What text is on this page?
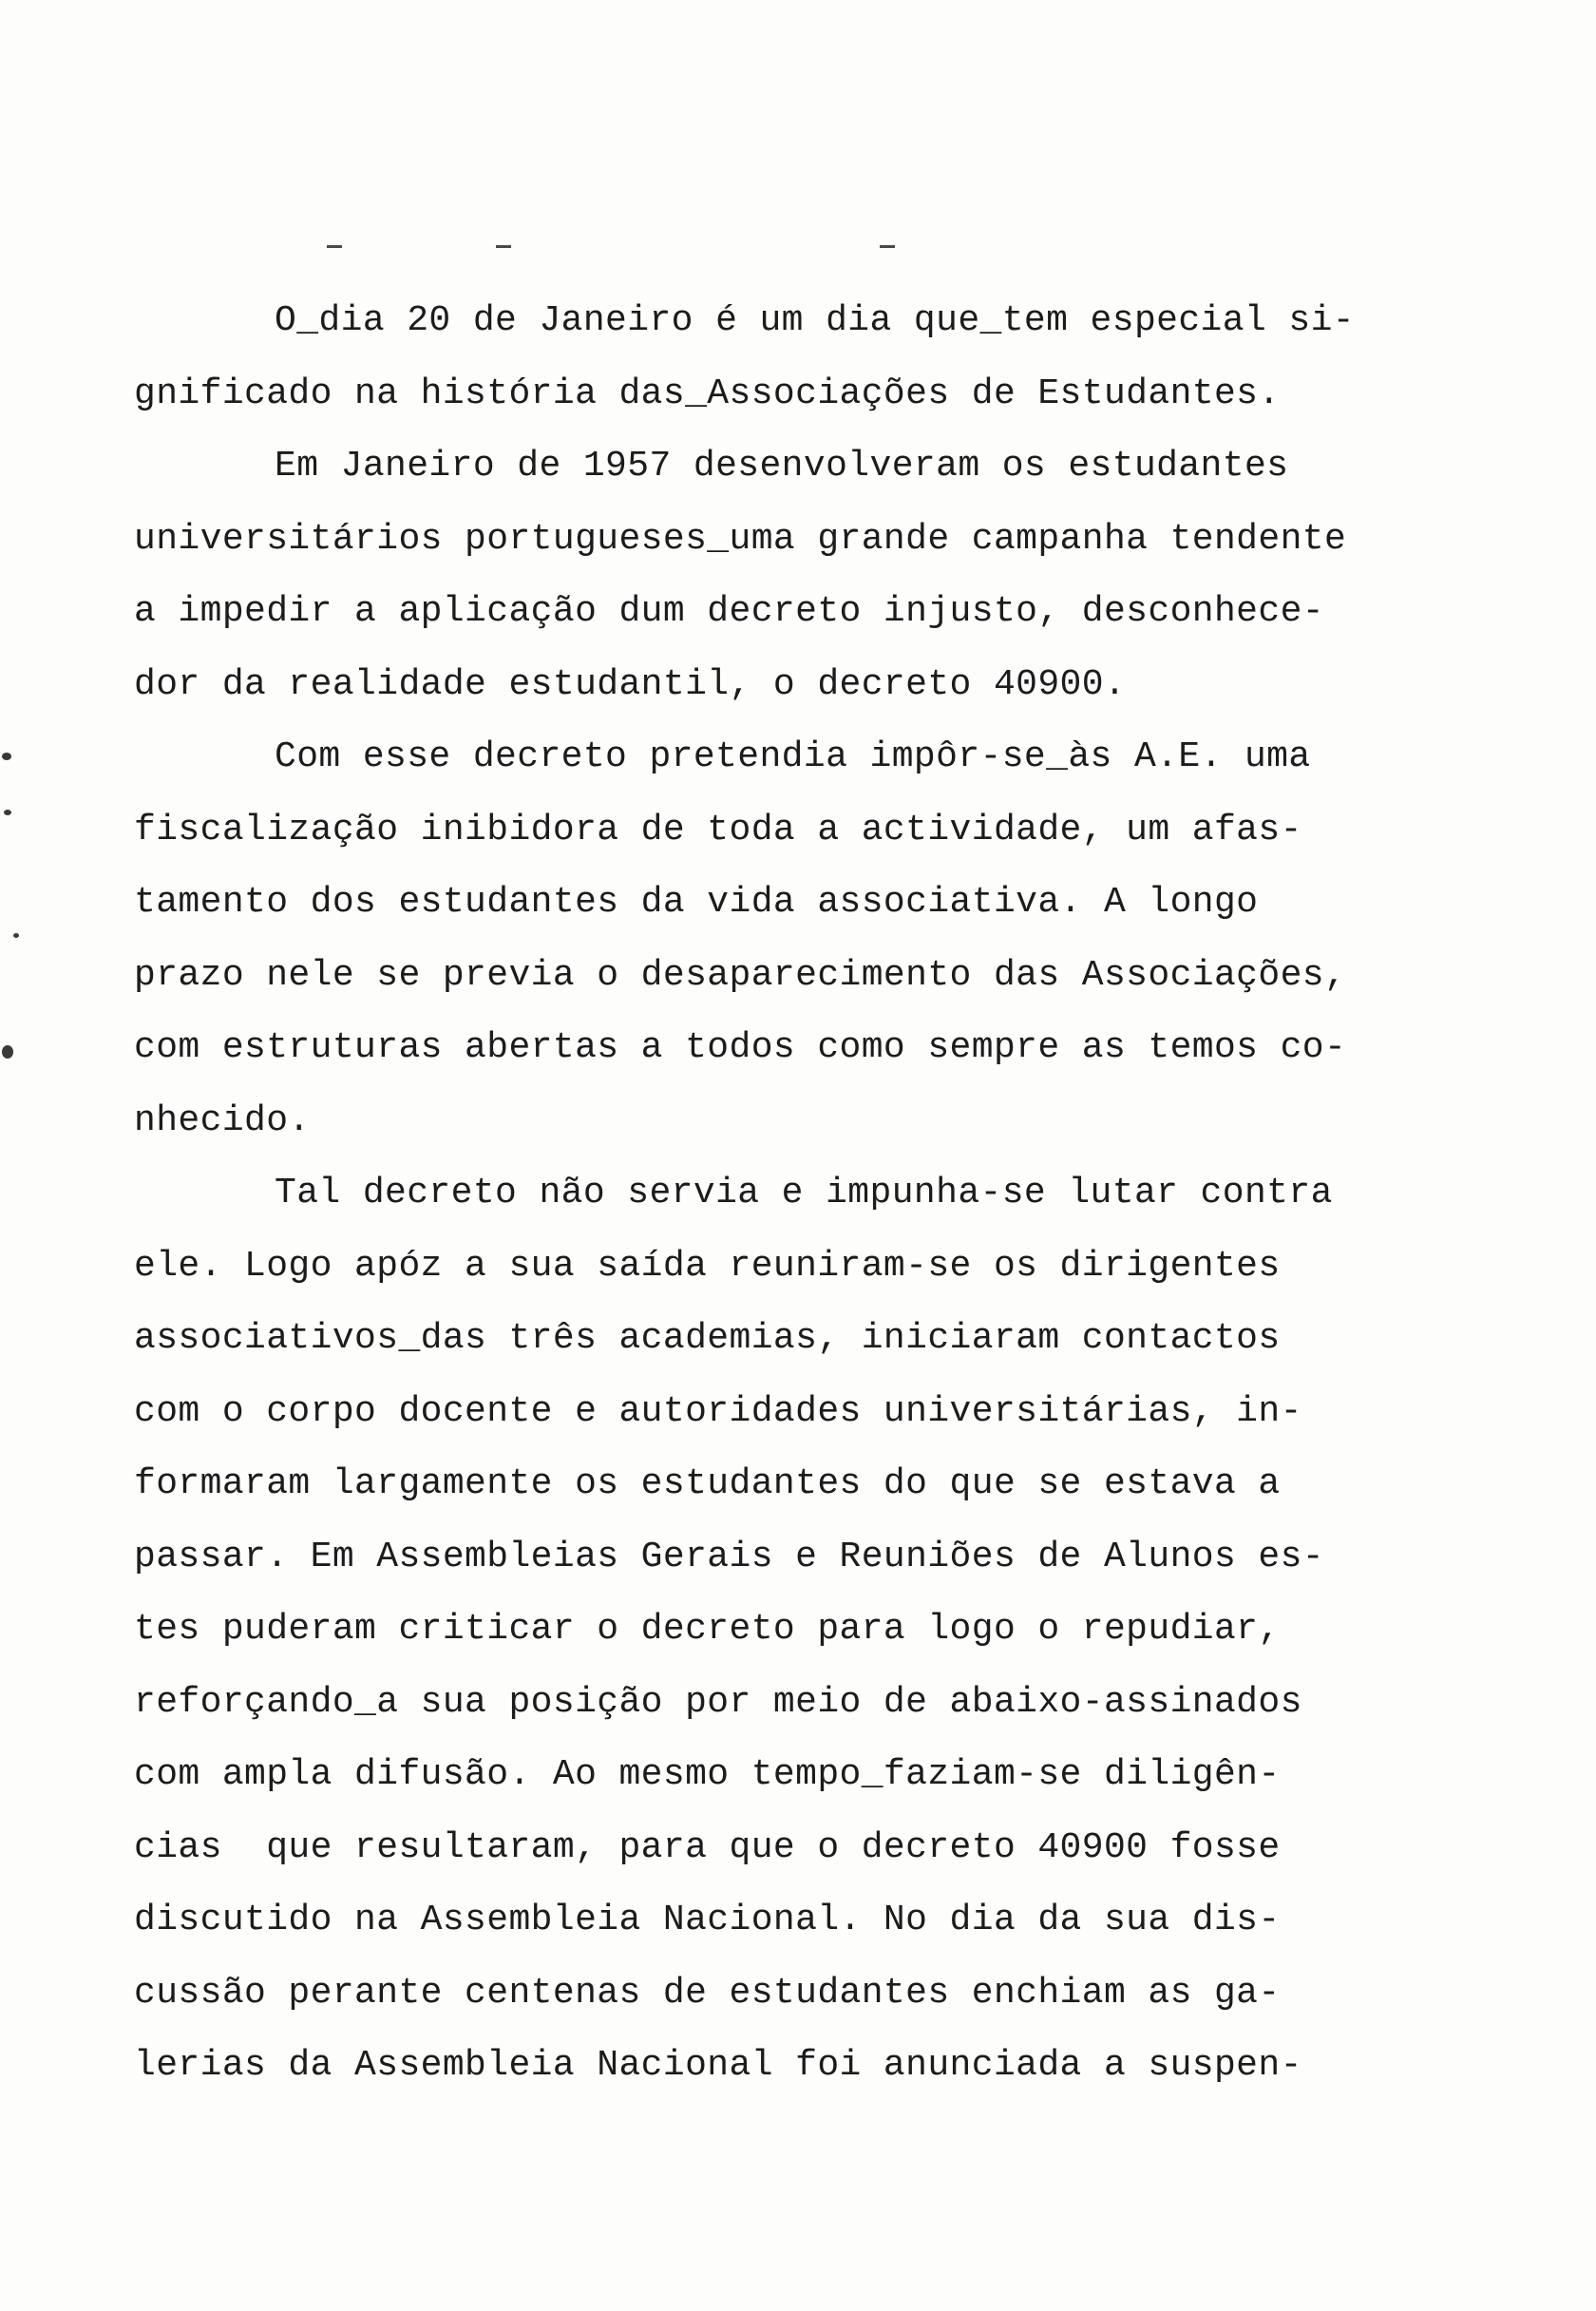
O_dia 20 de Janeiro é um dia que_tem especial si-
gnificado na história das_Associações de Estudantes.
Em Janeiro de 1957 desenvolveram os estudantes
universitários portugueses_uma grande campanha tendente
a impedir a aplicação dum decreto injusto, desconhece-
dor da realidade estudantil, o decreto 40900.
Com esse decreto pretendia impôr-se_às A.E. uma
fiscalização inibidora de toda a actividade, um afas-
tamento dos estudantes da vida associativa. A longo
prazo nele se previa o desaparecimento das Associações,
com estruturas abertas a todos como sempre as temos co-
nhecido.
Tal decreto não servia e impunha-se lutar contra
ele. Logo apóz a sua saída reuniram-se os dirigentes
associativos_das três academias, iniciaram contactos
com o corpo docente e autoridades universitárias, in-
formaram largamente os estudantes do que se estava a
passar. Em Assembleias Gerais e Reuniões de Alunos es-
tes puderam criticar o decreto para logo o repudiar,
reforçando_a sua posição por meio de abaixo-assinados
com ampla difusão. Ao mesmo tempo_faziam-se diligên-
cias  que resultaram, para que o decreto 40900 fosse
discutido na Assembleia Nacional. No dia da sua dis-
cussão perante centenas de estudantes enchiam as ga-
lerias da Assembleia Nacional foi anunciada a suspen-
